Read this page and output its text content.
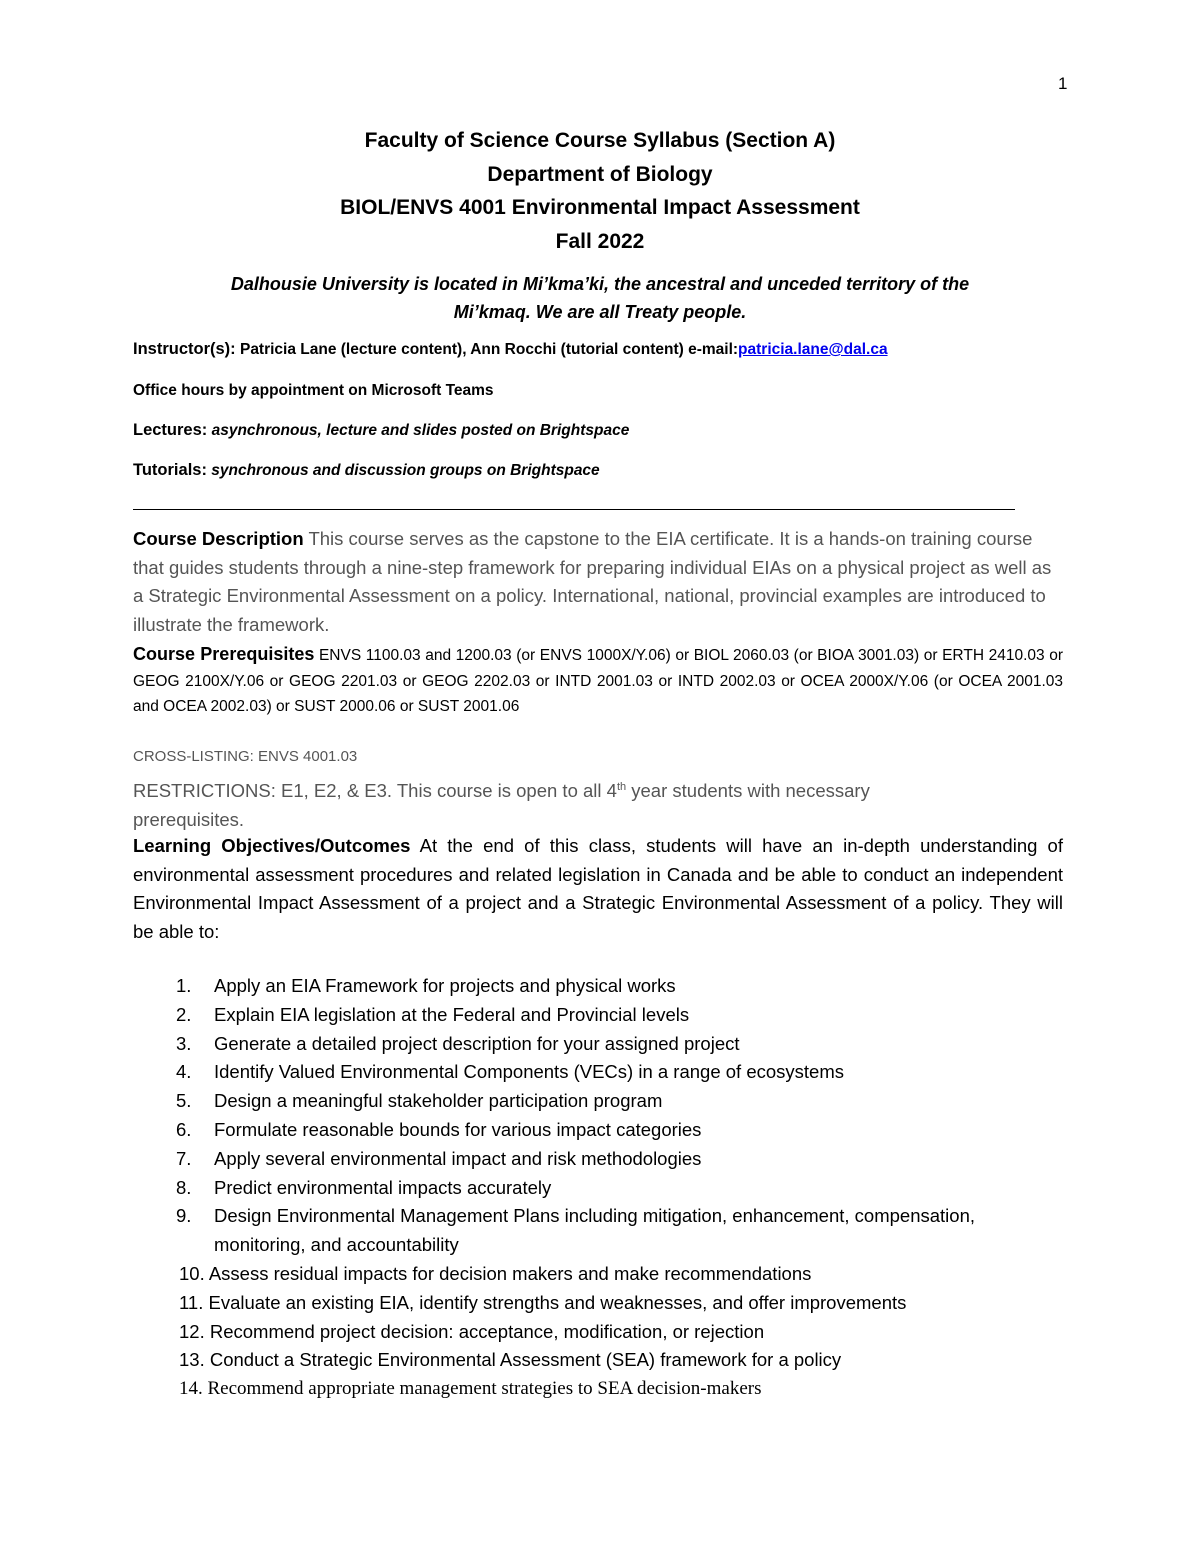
1
Faculty of Science Course Syllabus (Section A)
Department of Biology
BIOL/ENVS 4001 Environmental Impact Assessment
Fall 2022
Dalhousie University is located in Mi’kma’ki, the ancestral and unceded territory of the
Mi’kmaq. We are all Treaty people.
Instructor(s): Patricia Lane (lecture content), Ann Rocchi (tutorial content) e-mail:patricia.lane@dal.ca
Office hours by appointment on Microsoft Teams
Lectures: asynchronous, lecture and slides posted on Brightspace
Tutorials: synchronous and discussion groups on Brightspace
Course Description This course serves as the capstone to the EIA certificate. It is a hands-on training course that guides students through a nine-step framework for preparing individual EIAs on a physical project as well as a Strategic Environmental Assessment on a policy. International, national, provincial examples are introduced to illustrate the framework.
Course Prerequisites ENVS 1100.03 and 1200.03 (or ENVS 1000X/Y.06) or BIOL 2060.03 (or BIOA 3001.03) or ERTH 2410.03 or GEOG 2100X/Y.06 or GEOG 2201.03 or GEOG 2202.03 or INTD 2001.03 or INTD 2002.03 or OCEA 2000X/Y.06 (or OCEA 2001.03 and OCEA 2002.03) or SUST 2000.06 or SUST 2001.06
CROSS-LISTING: ENVS 4001.03
RESTRICTIONS: E1, E2, & E3. This course is open to all 4th year students with necessary
prerequisites.
Learning Objectives/Outcomes At the end of this class, students will have an in-depth understanding of environmental assessment procedures and related legislation in Canada and be able to conduct an independent Environmental Impact Assessment of a project and a Strategic Environmental Assessment of a policy. They will be able to:
1. Apply an EIA Framework for projects and physical works
2. Explain EIA legislation at the Federal and Provincial levels
3. Generate a detailed project description for your assigned project
4. Identify Valued Environmental Components (VECs) in a range of ecosystems
5. Design a meaningful stakeholder participation program
6. Formulate reasonable bounds for various impact categories
7. Apply several environmental impact and risk methodologies
8. Predict environmental impacts accurately
9. Design Environmental Management Plans including mitigation, enhancement, compensation, monitoring, and accountability
10. Assess residual impacts for decision makers and make recommendations
11. Evaluate an existing EIA, identify strengths and weaknesses, and offer improvements
12. Recommend project decision: acceptance, modification, or rejection
13. Conduct a Strategic Environmental Assessment (SEA) framework for a policy
14. Recommend appropriate management strategies to SEA decision-makers
